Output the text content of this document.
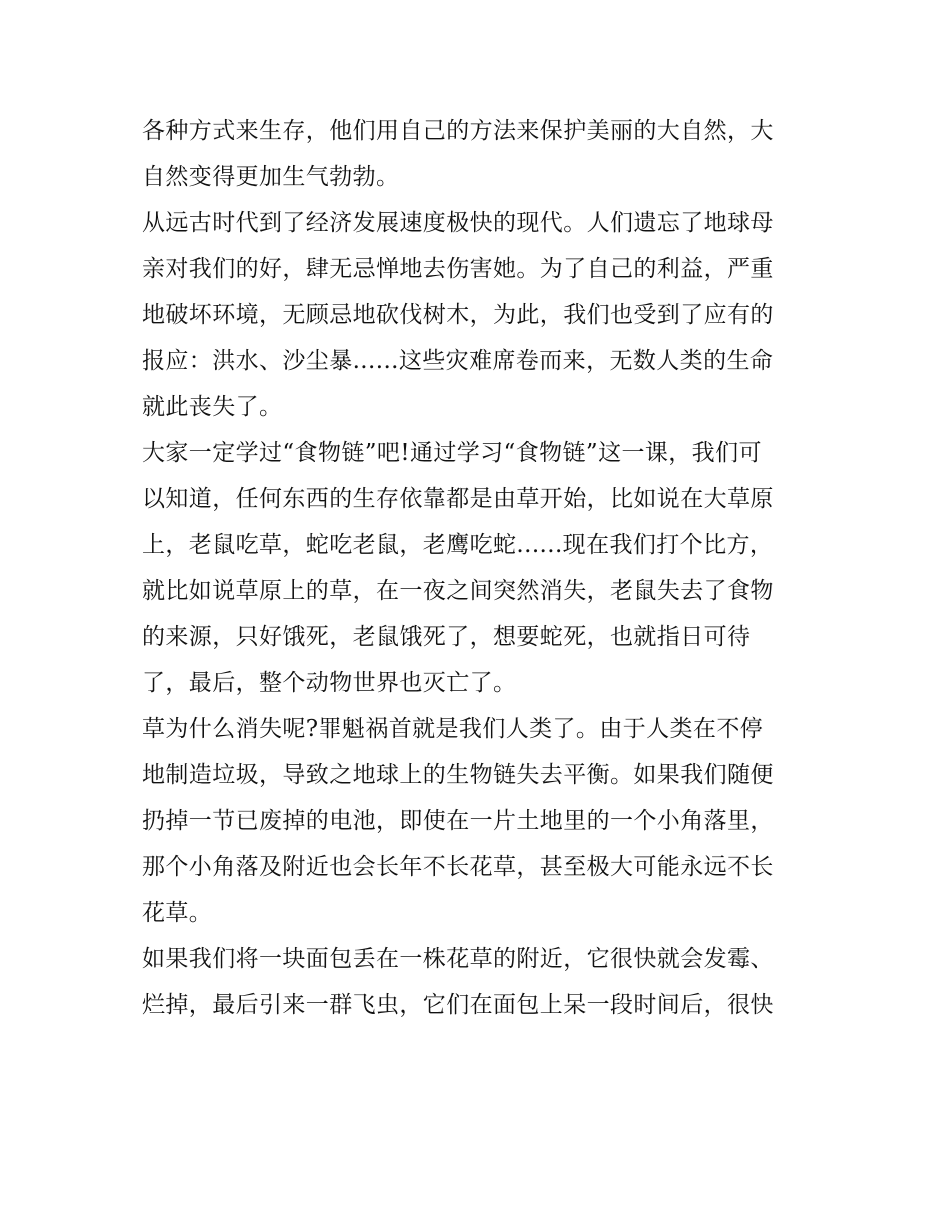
各种方式来生存，他们用自己的方法来保护美丽的大自然，大
自然变得更加生气勃勃。
从远古时代到了经济发展速度极快的现代。人们遗忘了地球母
亲对我们的好，肆无忌惮地去伤害她。为了自己的利益，严重
地破坏环境，无顾忌地砍伐树木，为此，我们也受到了应有的
报应：洪水、沙尘暴......这些灾难席卷而来，无数人类的生命
就此丧失了。
大家一定学过“食物链”吧!通过学习“食物链”这一课，我们可
以知道，任何东西的生存依靠都是由草开始，比如说在大草原
上，老鼠吃草，蛇吃老鼠，老鹰吃蛇......现在我们打个比方，
就比如说草原上的草，在一夜之间突然消失，老鼠失去了食物
的来源，只好饿死，老鼠饿死了，想要蛇死，也就指日可待
了，最后，整个动物世界也灭亡了。
草为什么消失呢?罪魁祸首就是我们人类了。由于人类在不停
地制造垃圾，导致之地球上的生物链失去平衡。如果我们随便
扔掉一节已废掉的电池，即使在一片土地里的一个小角落里，
那个小角落及附近也会长年不长花草，甚至极大可能永远不长
花草。
如果我们将一块面包丢在一株花草的附近，它很快就会发霉、
烂掉，最后引来一群飞虫，它们在面包上呆一段时间后，很快
